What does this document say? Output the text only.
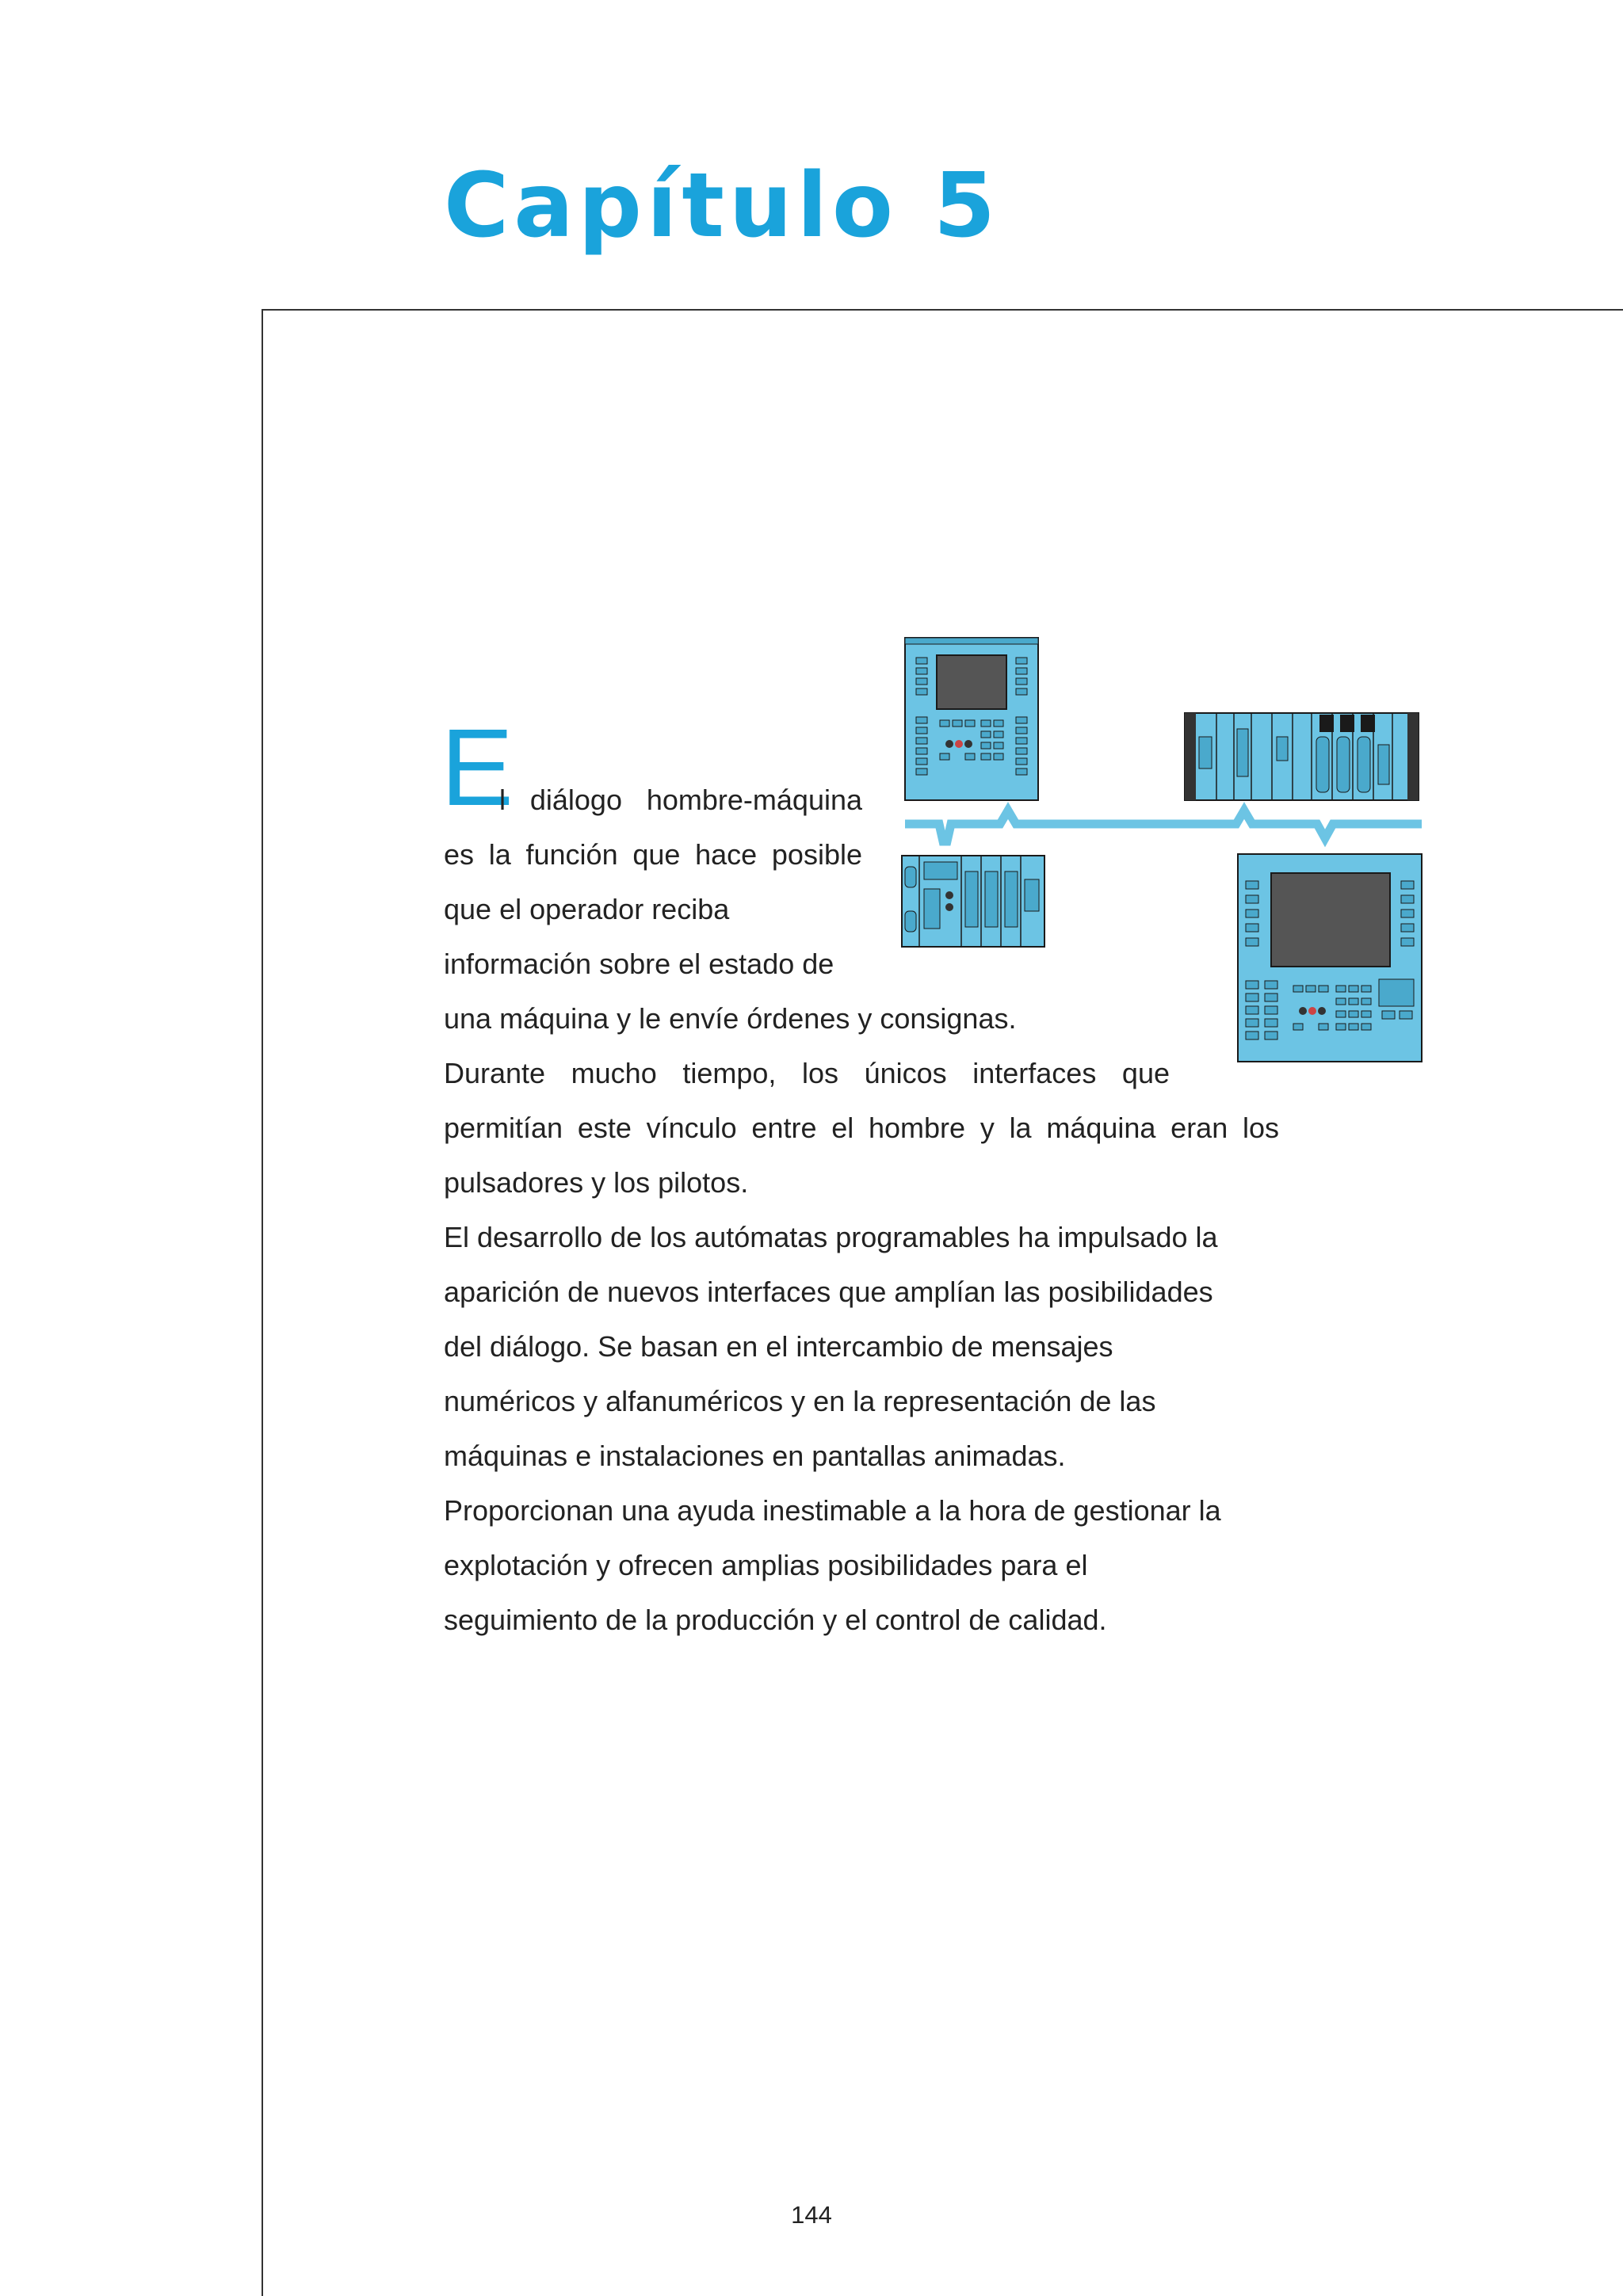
Capítulo 5
E
l diálogo hombre-máquina
es la función que hace posible
que el operador reciba
información sobre el estado de
una máquina y le envíe órdenes y consignas.
Durante mucho tiempo, los únicos interfaces que
permitían este vínculo entre el hombre y la máquina eran los
pulsadores y los pilotos.
El desarrollo de los autómatas programables ha impulsado la
aparición de nuevos interfaces que amplían las posibilidades
del diálogo. Se basan en el intercambio de mensajes
numéricos y alfanuméricos y en la representación de las
máquinas e instalaciones en pantallas animadas.
Proporcionan una ayuda inestimable a la hora de gestionar la
explotación y ofrecen amplias posibilidades para el
seguimiento de la producción y el control de calidad.
144
